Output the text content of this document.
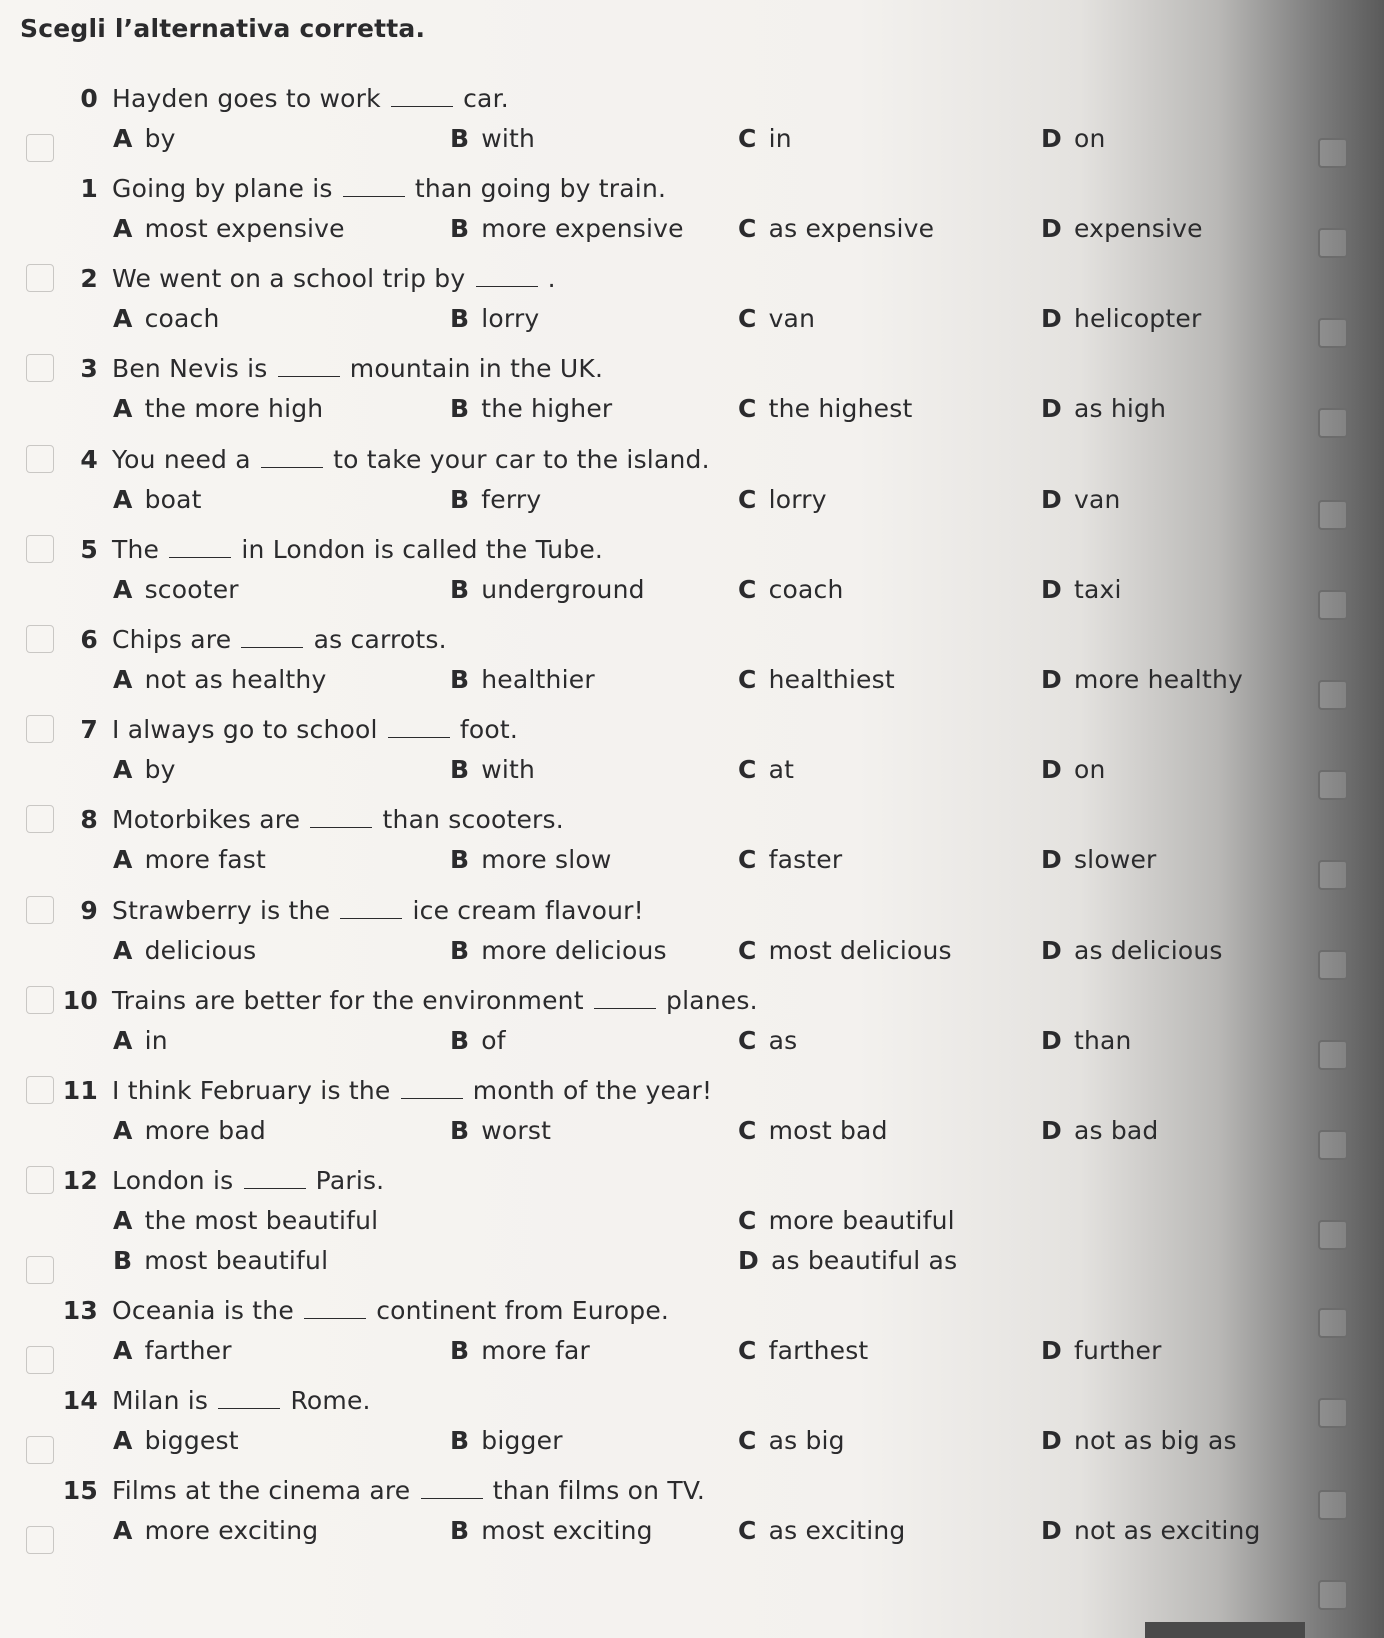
Scegli l’alternativa corretta.
0 Hayden goes to work	car.
A by	B with	C in	D on
1 Going by plane is	than going by train.
A most expensive	B more expensive C as expensive	D expensive
2 We went on a school trip by	.
A coach	B lorry	C van	D helicopter
3 Ben Nevis is	mountain in the UK.
A the more high	B the higher	C the highest	D as high
4 You need a	to take your car to the island.
A boat	B ferry	C lorry	D van
5 The	in London is called the Tube.
A scooter	B underground	C coach	D taxi
6 Chips are	as carrots.
A not as healthy	B healthier	C healthiest	D more healthy
7 I always go to school	foot.
A by	B with	C at	D on
8 Motorbikes are	than scooters.
A more fast	B more slow	C faster	D slower
9 Strawberry is the	ice cream flavour!
A delicious	B more delicious	C most delicious	D as delicious
10 Trains are better for the environment	planes.
A in	B of	C as	D than
11 I think February is the	month of the year!
A more bad	B worst	C most bad	D as bad
12 London is	Paris.
A the most beautiful	C more beautiful
B most beautiful	D as beautiful as
13 Oceania is the	continent from Europe.
A farther	B more far	C farthest	D further
14 Milan is	Rome.
A biggest	B bigger	C as big	D not as big as
15 Films at the cinema are	than films on TV.
A more exciting	B most exciting	C as exciting	D not as exciting
